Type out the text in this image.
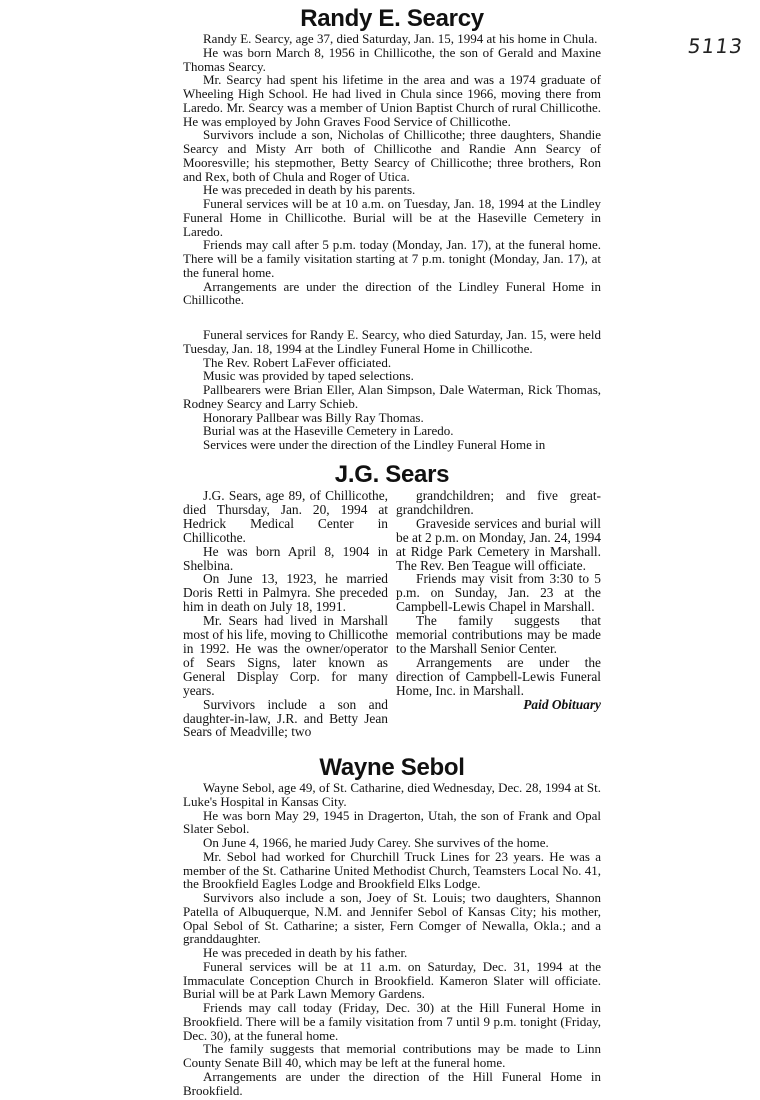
5113
Randy E. Searcy

Randy E. Searcy, age 37, died Saturday, Jan. 15, 1994 at his home in Chula.

He was born March 8, 1956 in Chillicothe, the son of Gerald and Maxine Thomas Searcy.

Mr. Searcy had spent his lifetime in the area and was a 1974 graduate of Wheeling High School. He had lived in Chula since 1966, moving there from Laredo. Mr. Searcy was a member of Union Baptist Church of rural Chillicothe. He was employed by John Graves Food Service of Chillicothe.

Survivors include a son, Nicholas of Chillicothe; three daughters, Shandie Searcy and Misty Arr both of Chillicothe and Randie Ann Searcy of Mooresville; his stepmother, Betty Searcy of Chillicothe; three brothers, Ron and Rex, both of Chula and Roger of Utica.

He was preceded in death by his parents.

Funeral services will be at 10 a.m. on Tuesday, Jan. 18, 1994 at the Lindley Funeral Home in Chillicothe. Burial will be at the Haseville Cemetery in Laredo.

Friends may call after 5 p.m. today (Monday, Jan. 17), at the funeral home. There will be a family visitation starting at 7 p.m. tonight (Monday, Jan. 17), at the funeral home.

Arrangements are under the direction of the Lindley Funeral Home in Chillicothe.

Funeral services for Randy E. Searcy, who died Saturday, Jan. 15, were held Tuesday, Jan. 18, 1994 at the Lindley Funeral Home in Chillicothe.

The Rev. Robert LaFever officiated.

Music was provided by taped selections.

Pallbearers were Brian Eller, Alan Simpson, Dale Waterman, Rick Thomas, Rodney Searcy and Larry Schieb.

Honorary Pallbear was Billy Ray Thomas.

Burial was at the Haseville Cemetery in Laredo.

Services were under the direction of the Lindley Funeral Home in

J.G. Sears

J.G. Sears, age 89, of Chillicothe, died Thursday, Jan. 20, 1994 at Hedrick Medical Center in Chillicothe.

He was born April 8, 1904 in Shelbina.

On June 13, 1923, he married Doris Retti in Palmyra. She preceded him in death on July 18, 1991.

Mr. Sears had lived in Marshall most of his life, moving to Chillicothe in 1992. He was the owner/operator of Sears Signs, later known as General Display Corp. for many years.

Survivors include a son and daughter-in-law, J.R. and Betty Jean Sears of Meadville; two

grandchildren; and five great-grandchildren.

Graveside services and burial will be at 2 p.m. on Monday, Jan. 24, 1994 at Ridge Park Cemetery in Marshall. The Rev. Ben Teague will officiate.

Friends may visit from 3:30 to 5 p.m. on Sunday, Jan. 23 at the Campbell-Lewis Chapel in Marshall.

The family suggests that memorial contributions may be made to the Marshall Senior Center.

Arrangements are under the direction of Campbell-Lewis Funeral Home, Inc. in Marshall.

Paid Obituary

Wayne Sebol

Wayne Sebol, age 49, of St. Catharine, died Wednesday, Dec. 28, 1994 at St. Luke's Hospital in Kansas City.

He was born May 29, 1945 in Dragerton, Utah, the son of Frank and Opal Slater Sebol.

On June 4, 1966, he maried Judy Carey. She survives of the home.

Mr. Sebol had worked for Churchill Truck Lines for 23 years. He was a member of the St. Catharine United Methodist Church, Teamsters Local No. 41, the Brookfield Eagles Lodge and Brookfield Elks Lodge.

Survivors also include a son, Joey of St. Louis; two daughters, Shannon Patella of Albuquerque, N.M. and Jennifer Sebol of Kansas City; his mother, Opal Sebol of St. Catharine; a sister, Fern Comger of Newalla, Okla.; and a granddaughter.

He was preceded in death by his father.

Funeral services will be at 11 a.m. on Saturday, Dec. 31, 1994 at the Immaculate Conception Church in Brookfield. Kameron Slater will officiate. Burial will be at Park Lawn Memory Gardens.

Friends may call today (Friday, Dec. 30) at the Hill Funeral Home in Brookfield. There will be a family visitation from 7 until 9 p.m. tonight (Friday, Dec. 30), at the funeral home.

The family suggests that memorial contributions may be made to Linn County Senate Bill 40, which may be left at the funeral home.

Arrangements are under the direction of the Hill Funeral Home in Brookfield.
